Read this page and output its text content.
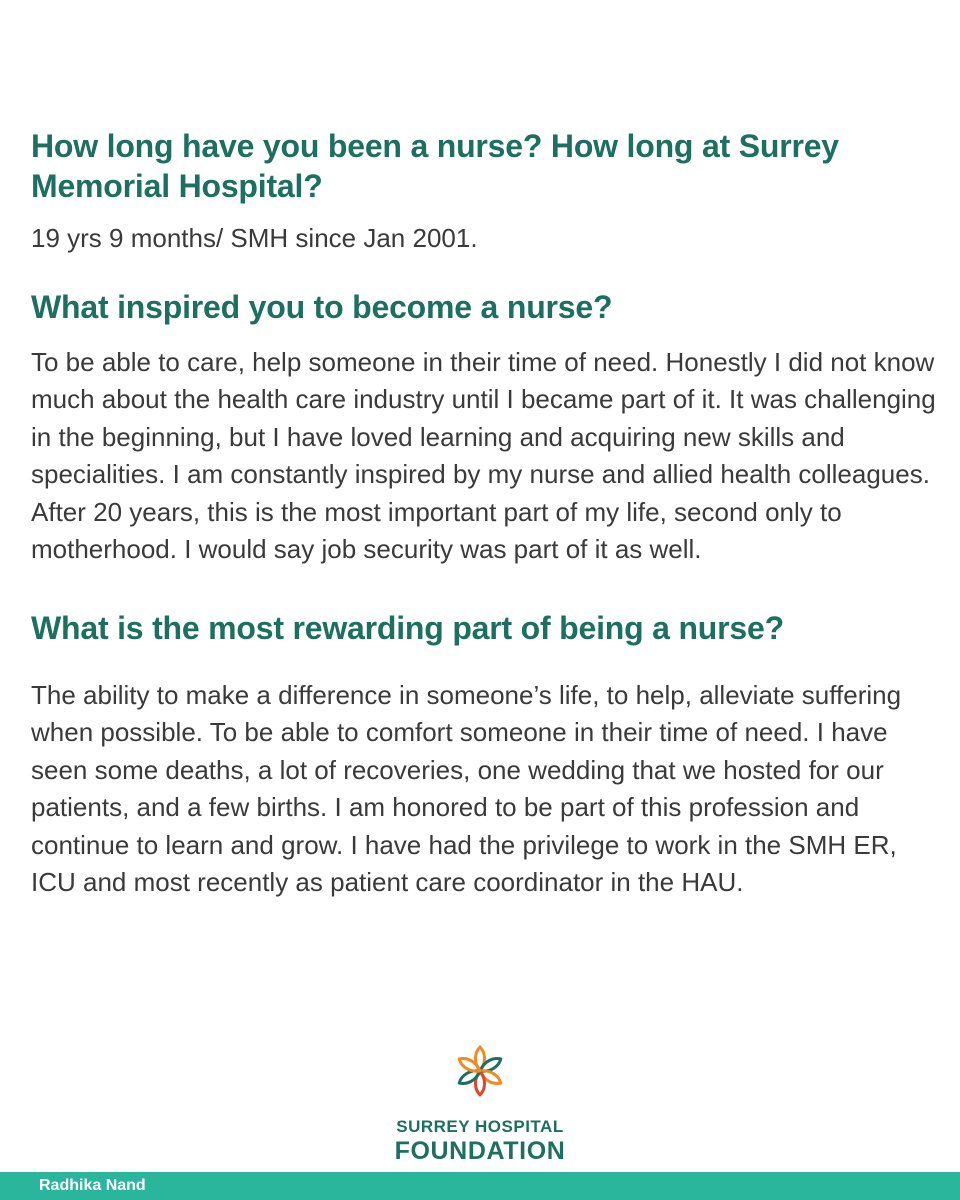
How long have you been a nurse? How long at Surrey Memorial Hospital?

19 yrs 9 months/ SMH since Jan 2001.

What inspired you to become a nurse?

To be able to care, help someone in their time of need. Honestly I did not know much about the health care industry until I became part of it. It was challenging in the beginning, but I have loved learning and acquiring new skills and specialities. I am constantly inspired by my nurse and allied health colleagues. After 20 years, this is the most important part of my life, second only to motherhood. I would say job security was part of it as well.

What is the most rewarding part of being a nurse?

The ability to make a difference in someone’s life, to help, alleviate suffering when possible. To be able to comfort someone in their time of need. I have seen some deaths, a lot of recoveries, one wedding that we hosted for our patients, and a few births. I am honored to be part of this profession and continue to learn and grow. I have had the privilege to work in the SMH ER, ICU and most recently as patient care coordinator in the HAU.

SURREY HOSPITAL
FOUNDATION
Radhika Nand
